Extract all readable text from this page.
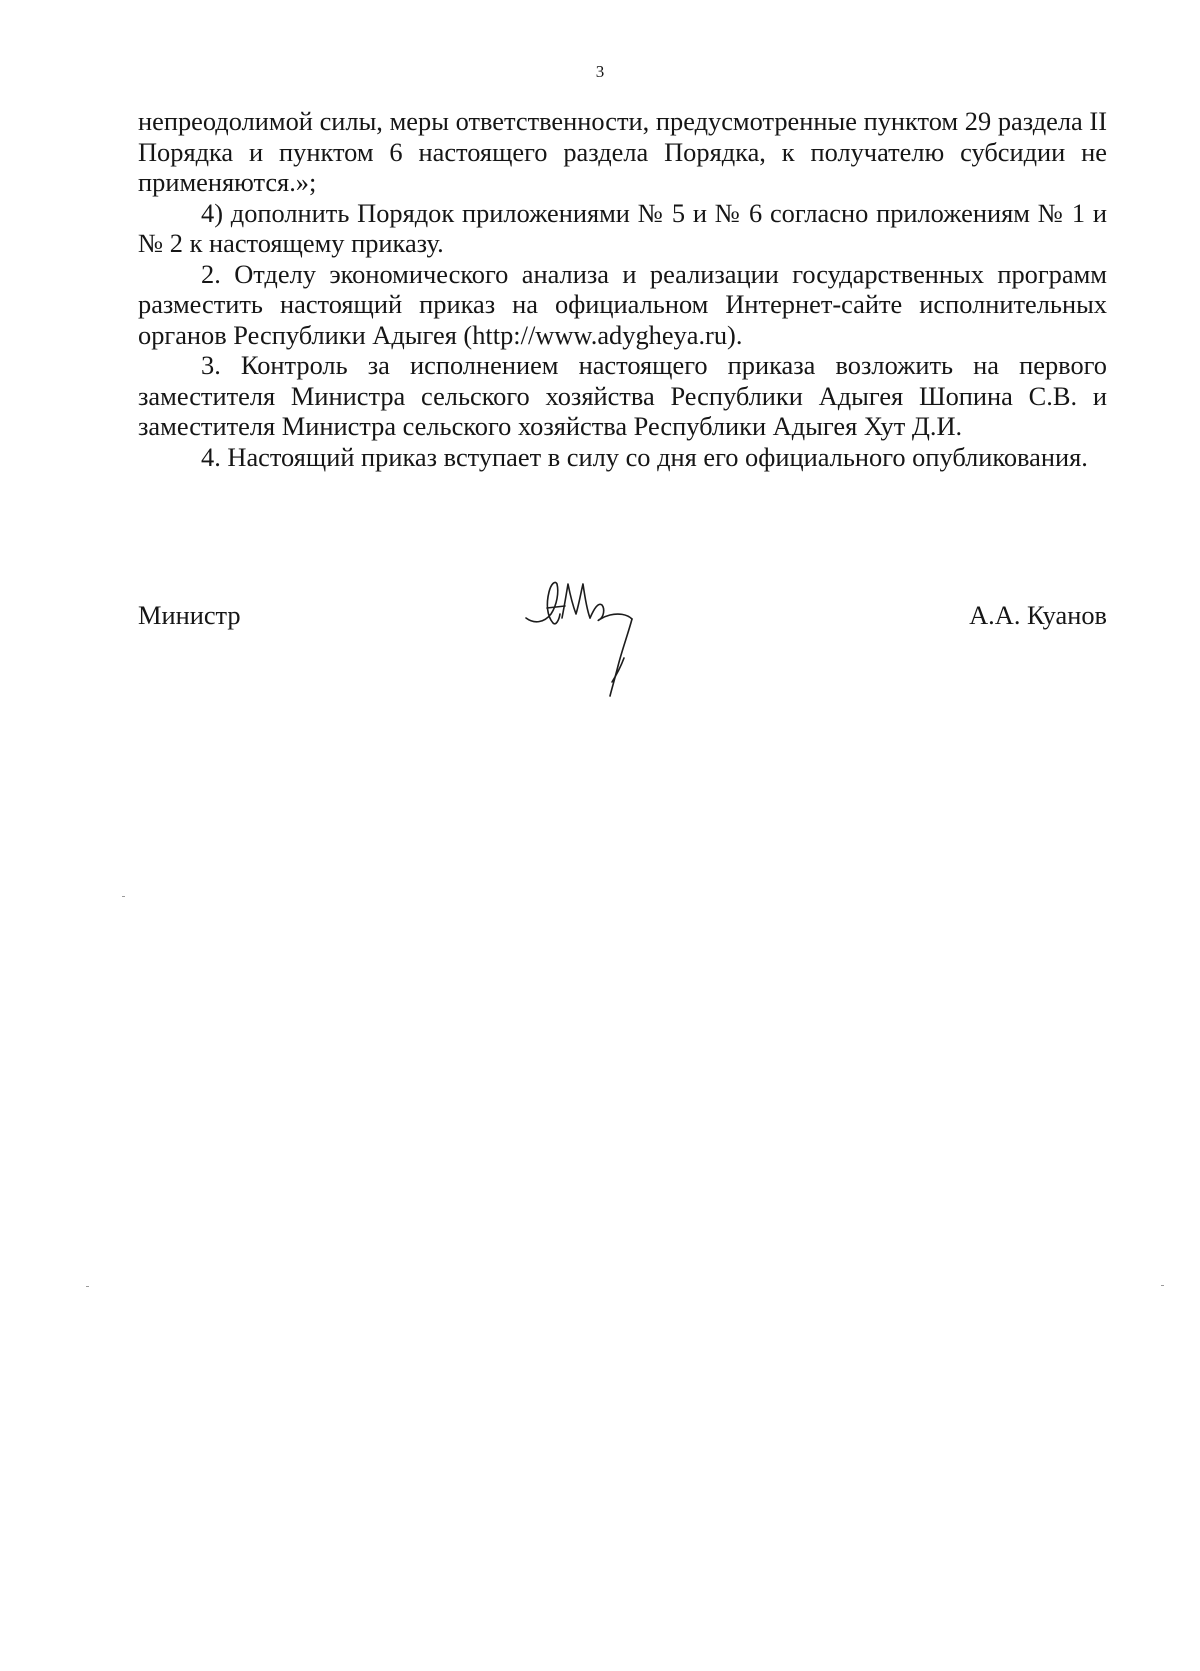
3

непреодолимой силы, меры ответственности, предусмотренные пунктом 29 раздела II Порядка и пунктом 6 настоящего раздела Порядка, к получателю субсидии не применяются.»;

4) дополнить Порядок приложениями № 5 и № 6 согласно приложениям № 1 и № 2 к настоящему приказу.

2. Отделу экономического анализа и реализации государственных программ разместить настоящий приказ на официальном Интернет-сайте исполнительных органов Республики Адыгея (http://www.adygheya.ru).

3. Контроль за исполнением настоящего приказа возложить на первого заместителя Министра сельского хозяйства Республики Адыгея Шопина С.В. и заместителя Министра сельского хозяйства Республики Адыгея Хут Д.И.

4. Настоящий приказ вступает в силу со дня его официального опубликования.

Министр	А.А. Куанов
